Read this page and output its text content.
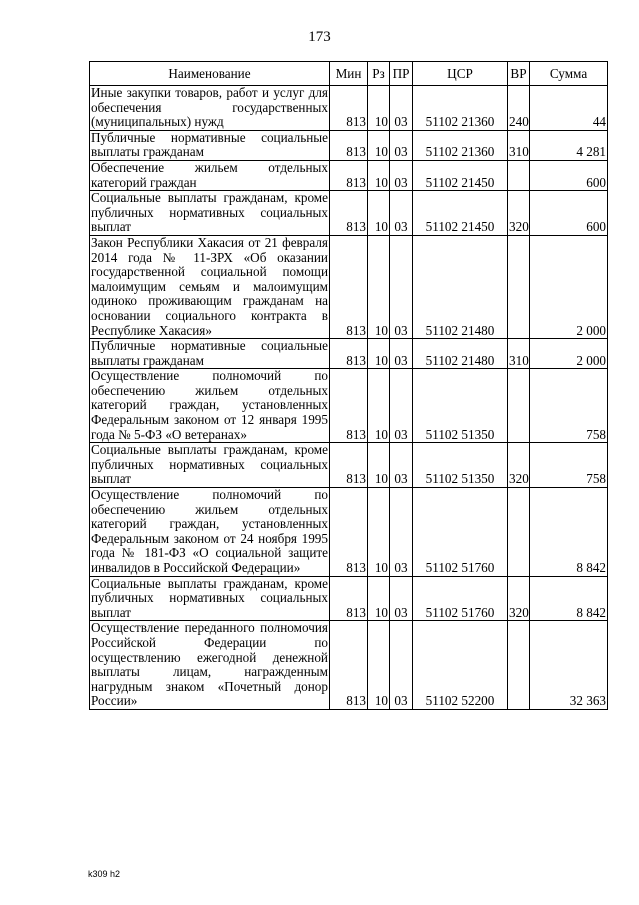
173
Наименование	Мин	Рз	ПР	ЦСР	ВР	Сумма
Иные закупки товаров, работ и услуг для обеспечения государственных (муниципальных) нужд	813	10	03	51102 21360	240	44
Публичные нормативные социальные выплаты гражданам	813	10	03	51102 21360	310	4 281
Обеспечение жильем отдельных категорий граждан	813	10	03	51102 21450		600
Социальные выплаты гражданам, кроме публичных нормативных социальных выплат	813	10	03	51102 21450	320	600
Закон Республики Хакасия от 21 февраля 2014 года № 11-ЗРХ «Об оказании государственной социальной помощи малоимущим семьям и малоимущим одиноко проживающим гражданам на основании социального контракта в Республике Хакасия»	813	10	03	51102 21480		2 000
Публичные нормативные социальные выплаты гражданам	813	10	03	51102 21480	310	2 000
Осуществление полномочий по обеспечению жильем отдельных категорий граждан, установленных Федеральным законом от 12 января 1995 года № 5-ФЗ «О ветеранах»	813	10	03	51102 51350		758
Социальные выплаты гражданам, кроме публичных нормативных социальных выплат	813	10	03	51102 51350	320	758
Осуществление полномочий по обеспечению жильем отдельных категорий граждан, установленных Федеральным законом от 24 ноября 1995 года № 181-ФЗ «О социальной защите инвалидов в Российской Федерации»	813	10	03	51102 51760		8 842
Социальные выплаты гражданам, кроме публичных нормативных социальных выплат	813	10	03	51102 51760	320	8 842
Осуществление переданного полномочия Российской Федерации по осуществлению ежегодной денежной выплаты лицам, награжденным нагрудным знаком «Почетный донор России»	813	10	03	51102 52200		32 363
k309 h2
